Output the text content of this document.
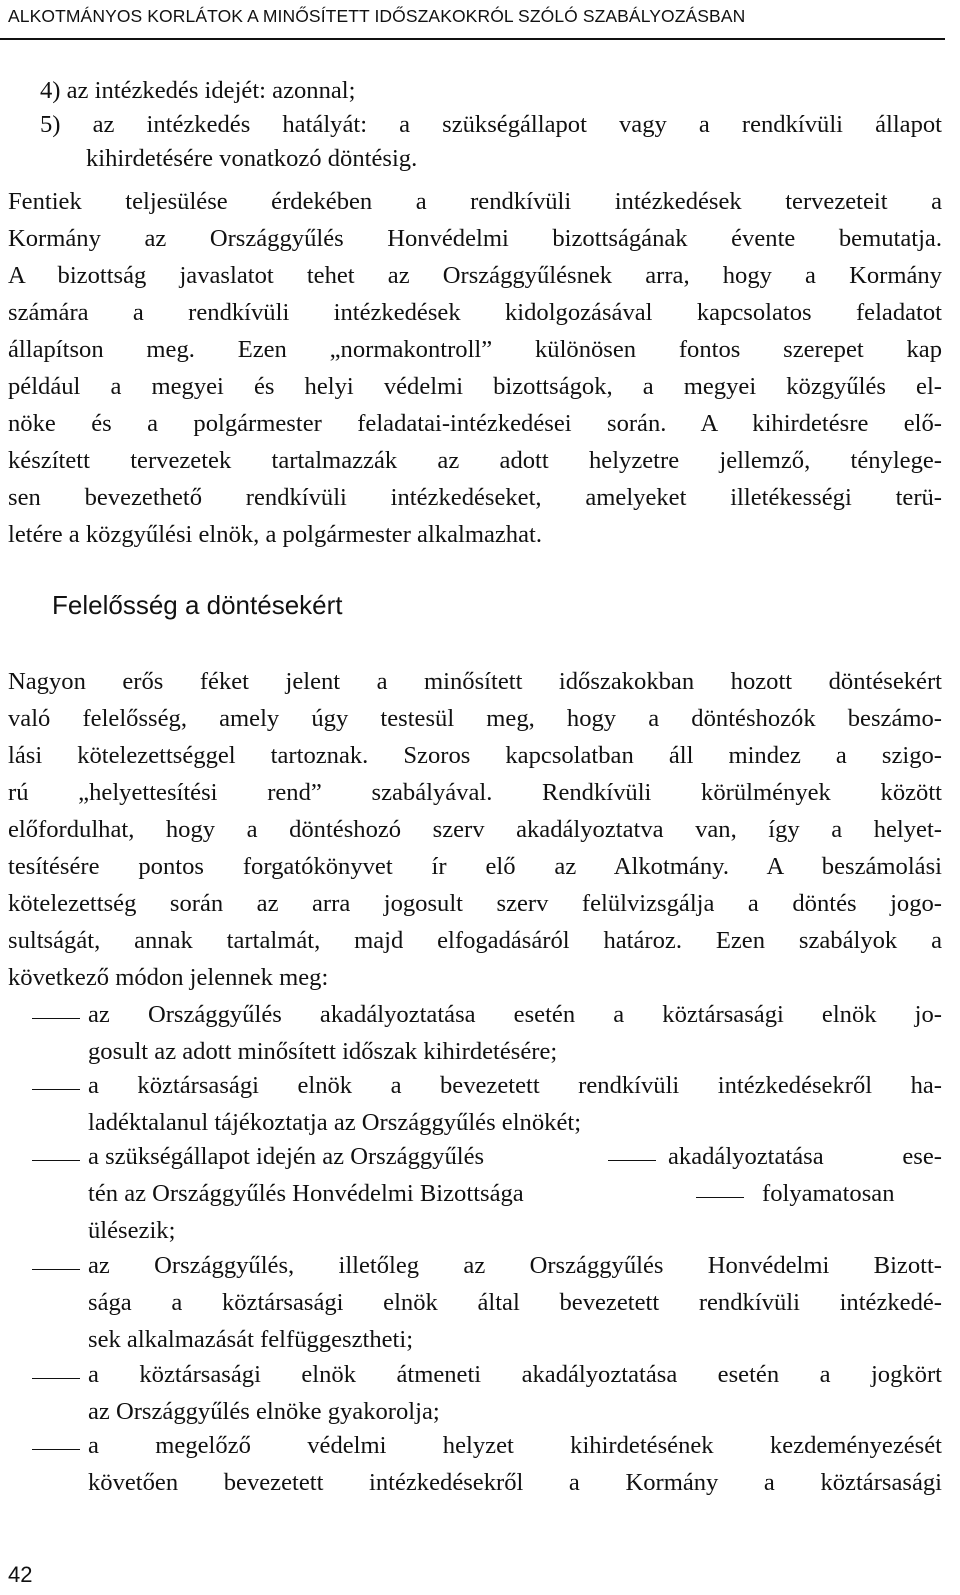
ALKOTMÁNYOS KORLÁTOK A MINŐSÍTETT IDŐSZAKOKRÓL SZÓLÓ SZABÁLYOZÁSBAN
4) az intézkedés idejét: azonnal;
5) az intézkedés hatályát: a szükségállapot vagy a rendkívüli állapot
kihirdetésére vonatkozó döntésig.
Fentiek teljesülése érdekében a rendkívüli intézkedések tervezeteit a
Kormány az Országgyűlés Honvédelmi bizottságának évente bemutatja.
A bizottság javaslatot tehet az Országgyűlésnek arra, hogy a Kormány
számára a rendkívüli intézkedések kidolgozásával kapcsolatos feladatot
állapítson meg. Ezen „normakontroll” különösen fontos szerepet kap
például a megyei és helyi védelmi bizottságok, a megyei közgyűlés el-
nöke és a polgármester feladatai-intézkedései során. A kihirdetésre elő-
készített tervezetek tartalmazzák az adott helyzetre jellemző, ténylege-
sen bevezethető rendkívüli intézkedéseket, amelyeket illetékességi terü-
letére a közgyűlési elnök, a polgármester alkalmazhat.
Felelősség a döntésekért
Nagyon erős féket jelent a minősített időszakokban hozott döntésekért
való felelősség, amely úgy testesül meg, hogy a döntéshozók beszámo-
lási kötelezettséggel tartoznak. Szoros kapcsolatban áll mindez a szigo-
rú „helyettesítési rend” szabályával. Rendkívüli körülmények között
előfordulhat, hogy a döntéshozó szerv akadályoztatva van, így a helyet-
tesítésére pontos forgatókönyvet ír elő az Alkotmány. A beszámolási
kötelezettség során az arra jogosult szerv felülvizsgálja a döntés jogo-
sultságát, annak tartalmát, majd elfogadásáról határoz. Ezen szabályok a
következő módon jelennek meg:
az Országgyűlés akadályoztatása esetén a köztársasági elnök jo-
gosult az adott minősített időszak kihirdetésére;
a köztársasági elnök a bevezetett rendkívüli intézkedésekről ha-
ladéktalanul tájékoztatja az Országgyűlés elnökét;
a szükségállapot idején az Országgyűlés	akadályoztatása ese-
tén az Országgyűlés Honvédelmi Bizottsága	folyamatosan
ülésezik;
az Országgyűlés, illetőleg az Országgyűlés Honvédelmi Bizott-
sága a köztársasági elnök által bevezetett rendkívüli intézkedé-
sek alkalmazását felfüggesztheti;
a köztársasági elnök átmeneti akadályoztatása esetén a jogkört
az Országgyűlés elnöke gyakorolja;
a megelőző védelmi helyzet kihirdetésének kezdeményezését
követően bevezetett intézkedésekről a Kormány a köztársasági
42
